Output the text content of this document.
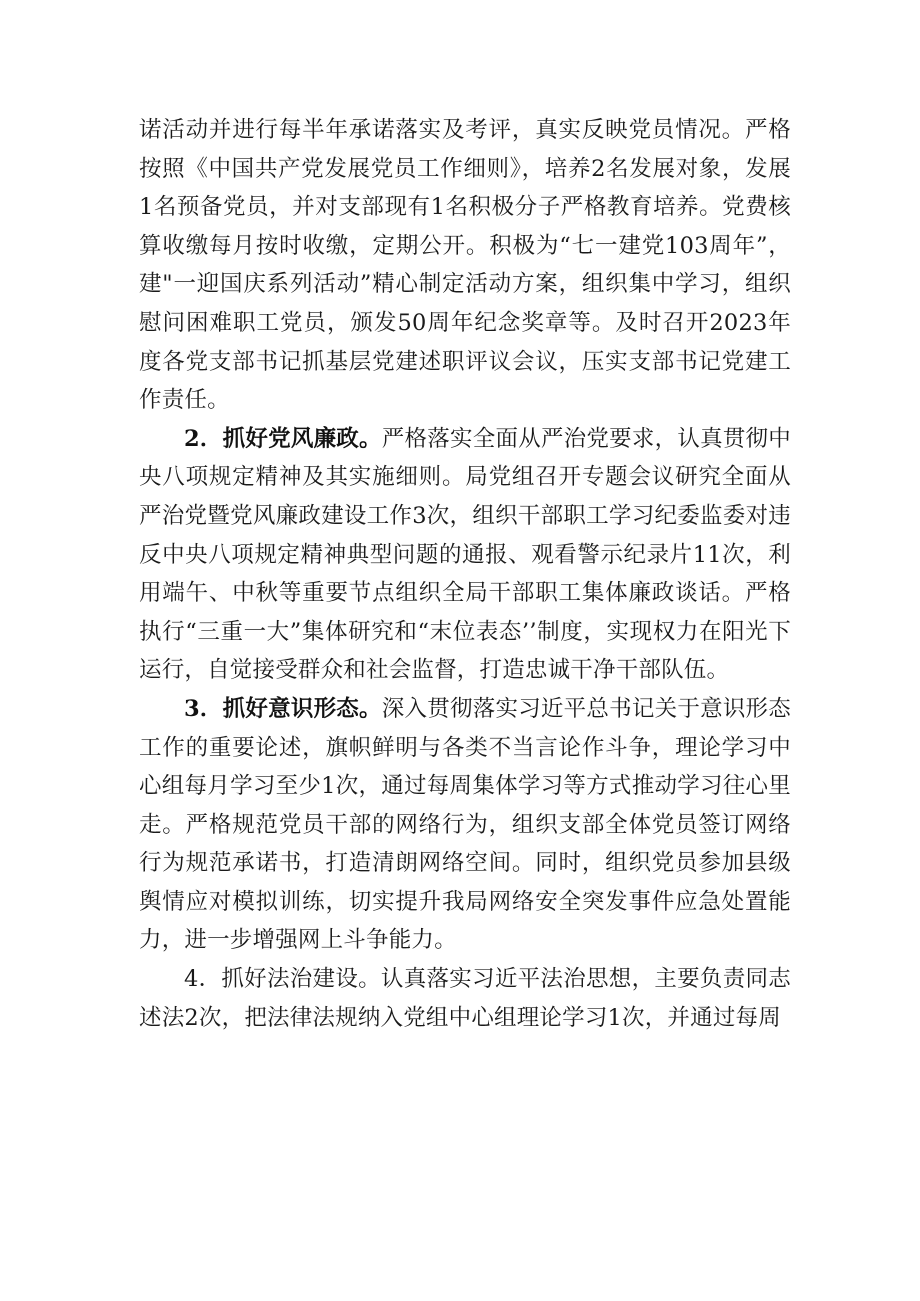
诺活动并进行每半年承诺落实及考评，真实反映党员情况。严格按照《中国共产党发展党员工作细则》，培养2名发展对象，发展1名预备党员，并对支部现有1名积极分子严格教育培养。党费核算收缴每月按时收缴，定期公开。积极为“七一建党103周年”，建"一迎国庆系列活动”精心制定活动方案，组织集中学习，组织慰问困难职工党员，颁发50周年纪念奖章等。及时召开2023年度各党支部书记抓基层党建述职评议会议，压实支部书记党建工作责任。

2．抓好党风廉政。严格落实全面从严治党要求，认真贯彻中央八项规定精神及其实施细则。局党组召开专题会议研究全面从严治党暨党风廉政建设工作3次，组织干部职工学习纪委监委对违反中央八项规定精神典型问题的通报、观看警示纪录片11次，利用端午、中秋等重要节点组织全局干部职工集体廉政谈话。严格执行“三重一大”集体研究和“末位表态’’制度，实现权力在阳光下运行，自觉接受群众和社会监督，打造忠诚干净干部队伍。

3．抓好意识形态。深入贯彻落实习近平总书记关于意识形态工作的重要论述，旗帜鲜明与各类不当言论作斗争，理论学习中心组每月学习至少1次，通过每周集体学习等方式推动学习往心里走。严格规范党员干部的网络行为，组织支部全体党员签订网络行为规范承诺书，打造清朗网络空间。同时，组织党员参加县级舆情应对模拟训练，切实提升我局网络安全突发事件应急处置能力，进一步增强网上斗争能力。

4．抓好法治建设。认真落实习近平法治思想，主要负责同志述法2次，把法律法规纳入党组中心组理论学习1次，并通过每周
